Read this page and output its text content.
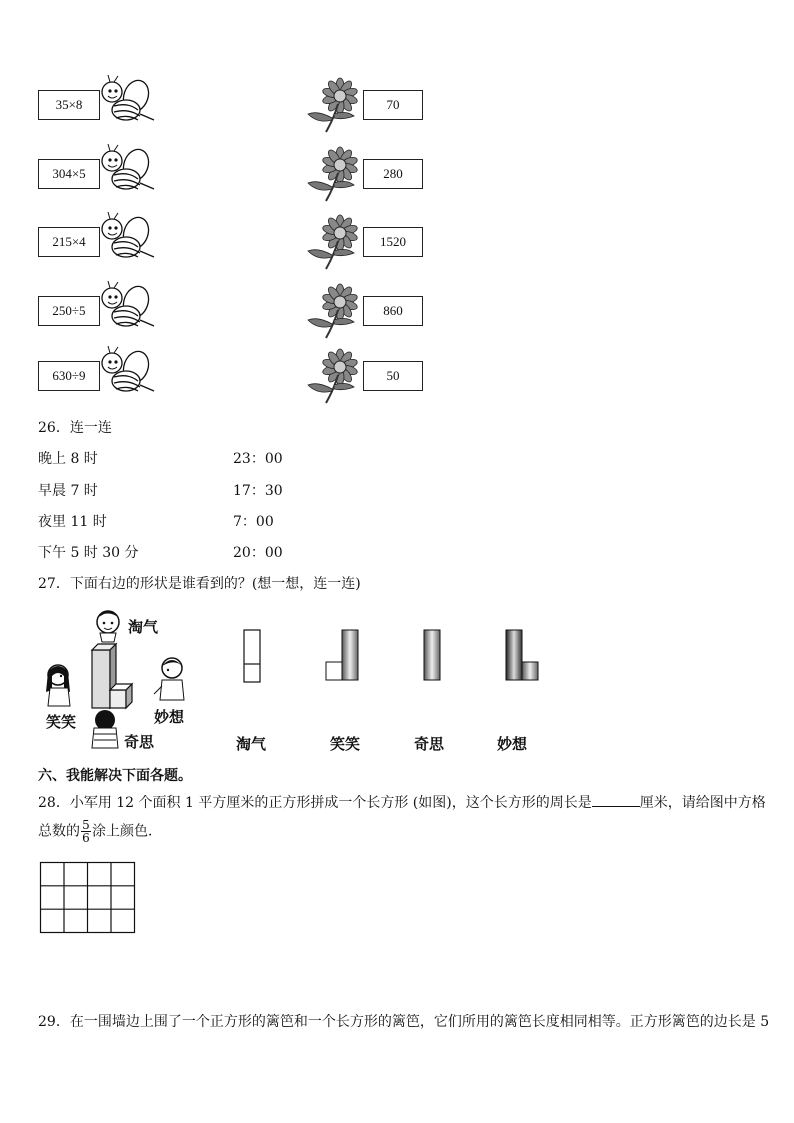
35×8
304×5
215×4
250÷5
630÷9
70
280
1520
860
50
26．连一连
晚上 8 时
早晨 7 时
夜里 11 时
下午 5 时 30 分
23：00
17：30
7：00
20：00
27．下面右边的形状是谁看到的？(想一想，连一连)
淘气
笑笑	妙想
奇思	淘气	笑笑	奇思	妙想
六、我能解决下面各题。
28．小军用 12 个面积 1 平方厘米的正方形拼成一个长方形 (如图)，这个长方形的周长是	厘米，请给图中方格
总数的 $\frac{5}{6}$ 涂上颜色．
29．在一围墙边上围了一个正方形的篱笆和一个长方形的篱笆，它们所用的篱笆长度相同相等。正方形篱笆的边长是 5
